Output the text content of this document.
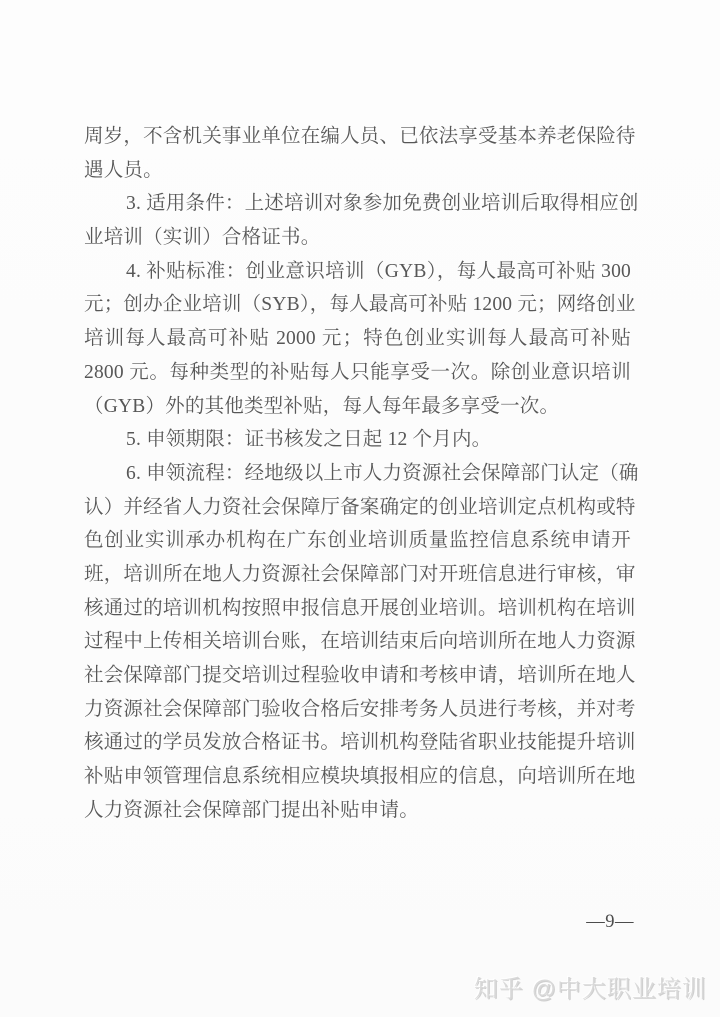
周岁，不含机关事业单位在编人员、已依法享受基本养老保险待
遇人员。
3. 适用条件：上述培训对象参加免费创业培训后取得相应创
业培训（实训）合格证书。
4. 补贴标准：创业意识培训（GYB），每人最高可补贴 300
元；创办企业培训（SYB），每人最高可补贴 1200 元；网络创业
培训每人最高可补贴 2000 元；特色创业实训每人最高可补贴
2800 元。每种类型的补贴每人只能享受一次。除创业意识培训
（GYB）外的其他类型补贴，每人每年最多享受一次。
5. 申领期限：证书核发之日起 12 个月内。
6. 申领流程：经地级以上市人力资源社会保障部门认定（确
认）并经省人力资社会保障厅备案确定的创业培训定点机构或特
色创业实训承办机构在广东创业培训质量监控信息系统申请开
班，培训所在地人力资源社会保障部门对开班信息进行审核，审
核通过的培训机构按照申报信息开展创业培训。培训机构在培训
过程中上传相关培训台账，在培训结束后向培训所在地人力资源
社会保障部门提交培训过程验收申请和考核申请，培训所在地人
力资源社会保障部门验收合格后安排考务人员进行考核，并对考
核通过的学员发放合格证书。培训机构登陆省职业技能提升培训
补贴申领管理信息系统相应模块填报相应的信息，向培训所在地
人力资源社会保障部门提出补贴申请。
—9—
知乎 @中大职业培训
